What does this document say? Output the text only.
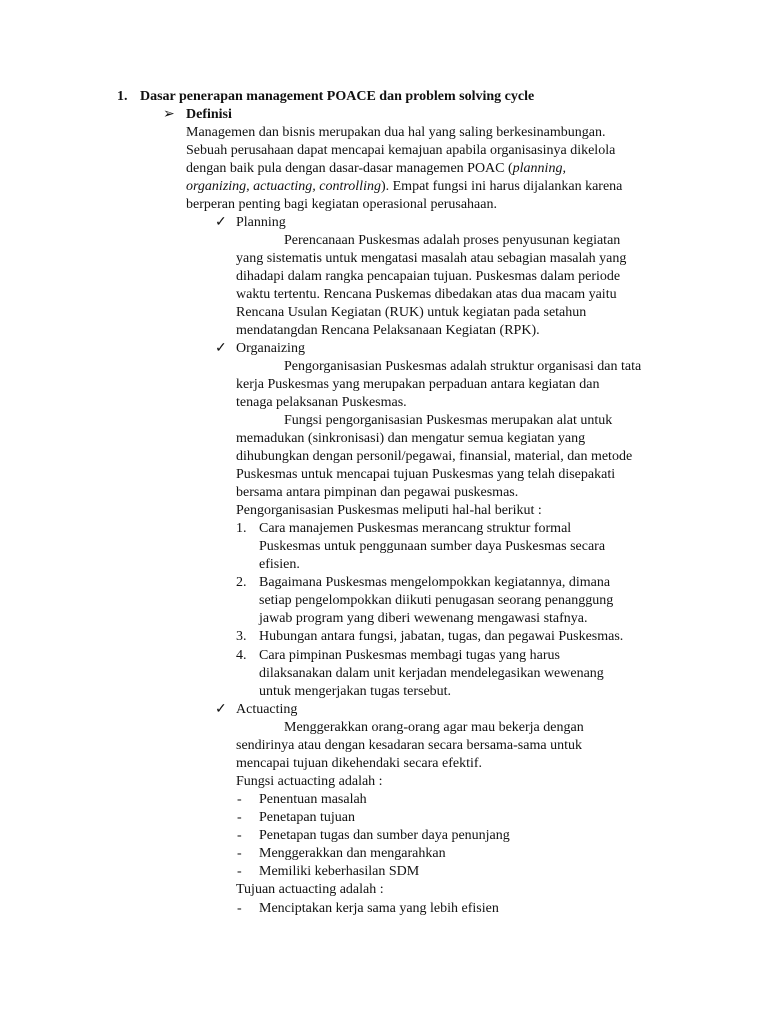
1. Dasar penerapan management POACE dan problem solving cycle
➢ Definisi
Managemen dan bisnis merupakan dua hal yang saling berkesinambungan.
Sebuah perusahaan dapat mencapai kemajuan apabila organisasinya dikelola
dengan baik pula dengan dasar-dasar managemen POAC (planning,
organizing, actuacting, controlling). Empat fungsi ini harus dijalankan karena
berperan penting bagi kegiatan operasional perusahaan.
✓ Planning
Perencanaan Puskesmas adalah proses penyusunan kegiatan
yang sistematis untuk mengatasi masalah atau sebagian masalah yang
dihadapi dalam rangka pencapaian tujuan. Puskesmas dalam periode
waktu tertentu. Rencana Puskemas dibedakan atas dua macam yaitu
Rencana Usulan Kegiatan (RUK) untuk kegiatan pada setahun
mendatangdan Rencana Pelaksanaan Kegiatan (RPK).
✓ Organaizing
Pengorganisasian Puskesmas adalah struktur organisasi dan tata
kerja Puskesmas yang merupakan perpaduan antara kegiatan dan
tenaga pelaksanan Puskesmas.
Fungsi pengorganisasian Puskesmas merupakan alat untuk
memadukan (sinkronisasi) dan mengatur semua kegiatan yang
dihubungkan dengan personil/pegawai, finansial, material, dan metode
Puskesmas untuk mencapai tujuan Puskesmas yang telah disepakati
bersama antara pimpinan dan pegawai puskesmas.
Pengorganisasian Puskesmas meliputi hal-hal berikut :
1. Cara manajemen Puskesmas merancang struktur formal
Puskesmas untuk penggunaan sumber daya Puskesmas secara
efisien.
2. Bagaimana Puskesmas mengelompokkan kegiatannya, dimana
setiap pengelompokkan diikuti penugasan seorang penanggung
jawab program yang diberi wewenang mengawasi stafnya.
3. Hubungan antara fungsi, jabatan, tugas, dan pegawai Puskesmas.
4. Cara pimpinan Puskesmas membagi tugas yang harus
dilaksanakan dalam unit kerjadan mendelegasikan wewenang
untuk mengerjakan tugas tersebut.
✓ Actuacting
Menggerakkan orang-orang agar mau bekerja dengan
sendirinya atau dengan kesadaran secara bersama-sama untuk
mencapai tujuan dikehendaki secara efektif.
Fungsi actuacting adalah :
- Penentuan masalah
- Penetapan tujuan
- Penetapan tugas dan sumber daya penunjang
- Menggerakkan dan mengarahkan
- Memiliki keberhasilan SDM
Tujuan actuacting adalah :
- Menciptakan kerja sama yang lebih efisien
